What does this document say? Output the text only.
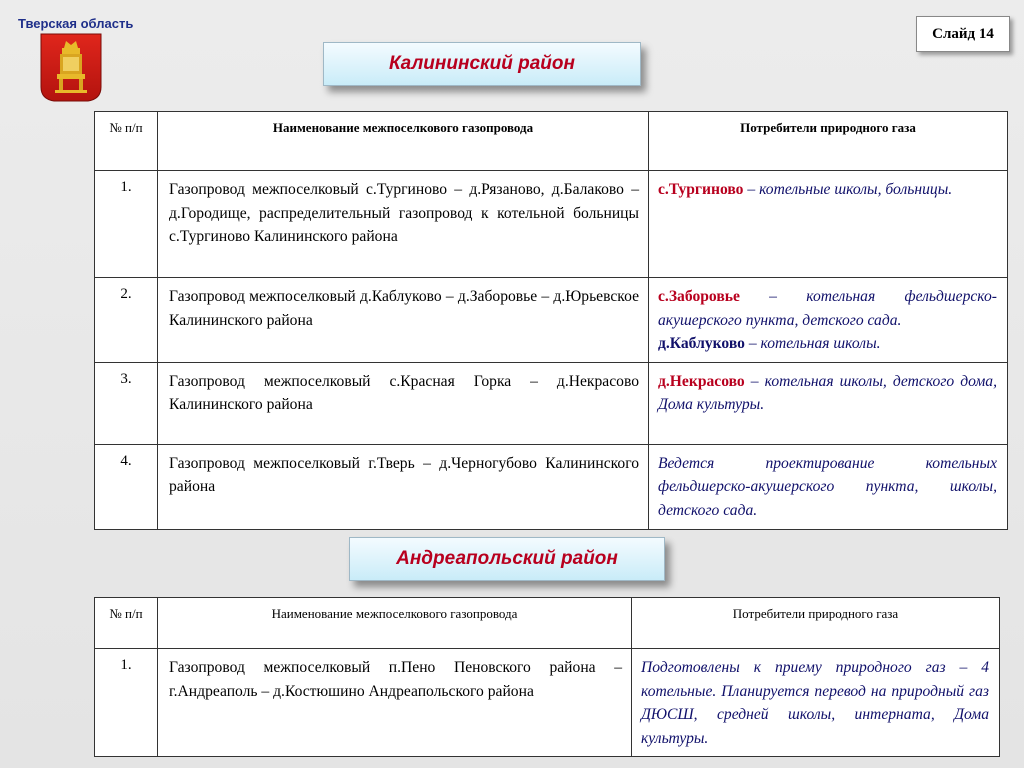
Тверская область
Слайд 14
Калининский район
№ п/п	Наименование межпоселкового газопровода	Потребители природного газа
1.	Газопровод межпоселковый с.Тургиново – д.Рязаново, д.Балаково – д.Городище, распределительный газопровод к котельной больницы с.Тургиново Калининского района	с.Тургиново – котельные школы, больницы.
2.	Газопровод межпоселковый д.Каблуково – д.Заборовье – д.Юрьевское Калининского района	с.Заборовье – котельная фельдшерско-акушерского пункта, детского сада.
д.Каблуково – котельная школы.
3.	Газопровод межпоселковый с.Красная Горка – д.Некрасово Калининского района	д.Некрасово – котельная школы, детского дома, Дома культуры.
4.	Газопровод межпоселковый г.Тверь – д.Черногубово Калининского района	Ведется проектирование котельных фельдшерско-акушерского пункта, школы, детского сада.
Андреапольский район
№ п/п	Наименование межпоселкового газопровода	Потребители природного газа
1.	Газопровод межпоселковый п.Пено Пеновского района – г.Андреаполь – д.Костюшино Андреапольского района	Подготовлены к приему природного газ – 4 котельные. Планируется перевод на природный газ ДЮСШ, средней школы, интерната, Дома культуры.
